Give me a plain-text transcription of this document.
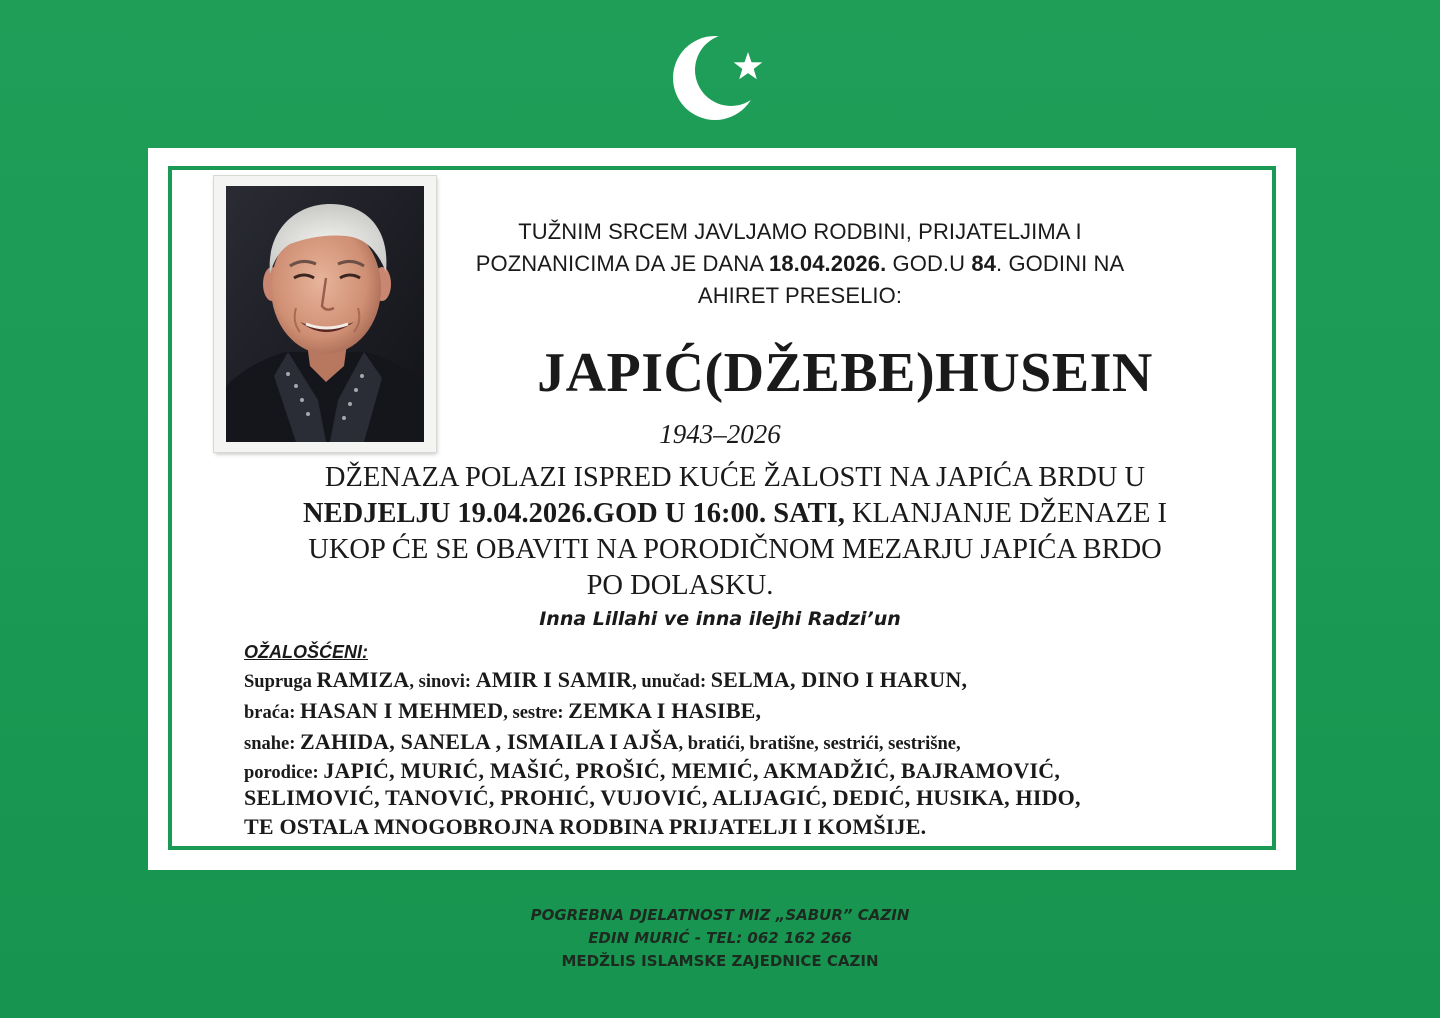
TUŽNIM SRCEM JAVLJAMO RODBINI, PRIJATELJIMA I
POZNANICIMA DA JE DANA 18.04.2026. GOD.U 84. GODINI NA
AHIRET PRESELIO:
JAPIĆ(DŽEBE)HUSEIN
1943–2026
DŽENAZA POLAZI ISPRED KUĆE ŽALOSTI NA JAPIĆA BRDU U
NEDJELJU 19.04.2026.GOD U 16:00. SATI, KLANJANJE DŽENAZE I
UKOP ĆE SE OBAVITI NA PORODIČNOM MEZARJU JAPIĆA BRDO
PO DOLASKU.
Inna Lillahi ve inna ilejhi Radzi’un
OŽALOŠĆENI:
Supruga RAMIZA, sinovi: AMIR I SAMIR, unučad: SELMA, DINO I HARUN,
braća: HASAN I MEHMED, sestre: ZEMKA I HASIBE,
snahe: ZAHIDA, SANELA , ISMAILA I AJŠA, bratići, bratišne, sestrići, sestrišne,
porodice: JAPIĆ, MURIĆ, MAŠIĆ, PROŠIĆ, MEMIĆ, AKMADŽIĆ, BAJRAMOVIĆ,
SELIMOVIĆ, TANOVIĆ, PROHIĆ, VUJOVIĆ, ALIJAGIĆ, DEDIĆ, HUSIKA, HIDO,
TE OSTALA MNOGOBROJNA RODBINA PRIJATELJI I KOMŠIJE.
POGREBNA DJELATNOST MIZ „SABUR” CAZIN
EDIN MURIĆ - TEL: 062 162 266
MEDŽLIS ISLAMSKE ZAJEDNICE CAZIN
